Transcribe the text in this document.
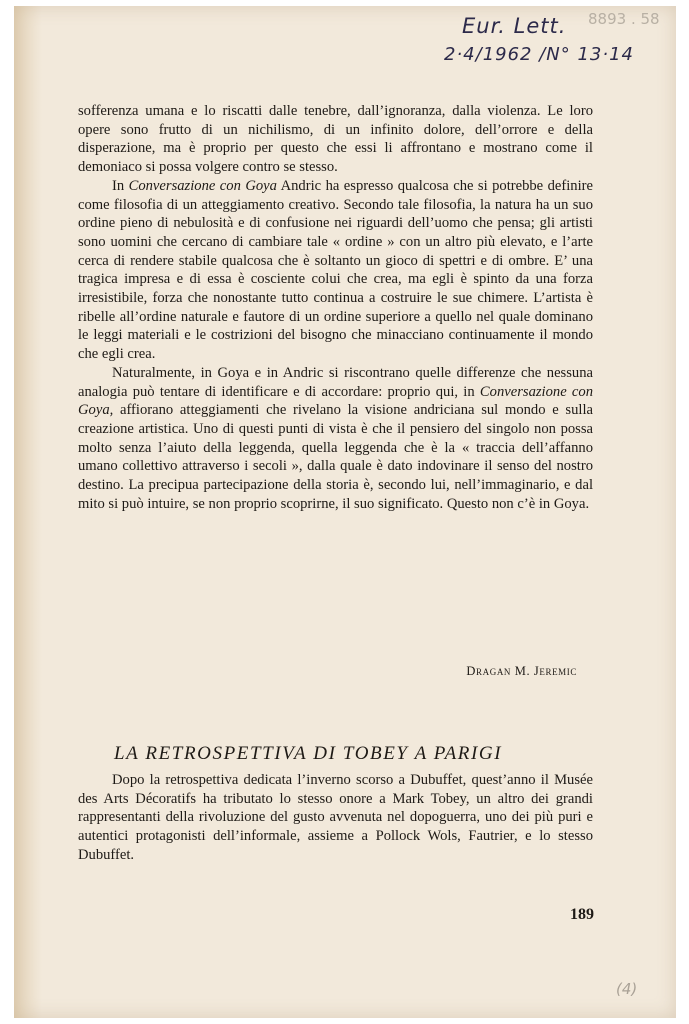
Eur. Lett.
2·4/1962 /N° 13·14
8893 . 58

sofferenza umana e lo riscatti dalle tenebre, dall’ignoranza, dalla violenza. Le loro opere sono frutto di un nichilismo, di un infinito dolore, dell’orrore e della disperazione, ma è proprio per questo che essi li affrontano e mostrano come il demoniaco si possa volgere contro se stesso.

In Conversazione con Goya Andric ha espresso qualcosa che si potrebbe definire come filosofia di un atteggiamento creativo. Secondo tale filosofia, la natura ha un suo ordine pieno di nebulosità e di confusione nei riguardi dell’uomo che pensa; gli artisti sono uomini che cercano di cambiare tale « ordine » con un altro più elevato, e l’arte cerca di rendere stabile qualcosa che è soltanto un gioco di spettri e di ombre. E’ una tragica impresa e di essa è cosciente colui che crea, ma egli è spinto da una forza irresistibile, forza che nonostante tutto continua a costruire le sue chimere. L’artista è ribelle all’ordine naturale e fautore di un ordine superiore a quello nel quale dominano le leggi materiali e le costrizioni del bisogno che minacciano continuamente il mondo che egli crea.

Naturalmente, in Goya e in Andric si riscontrano quelle differenze che nessuna analogia può tentare di identificare e di accordare: proprio qui, in Conversazione con Goya, affiorano atteggiamenti che rivelano la visione andriciana sul mondo e sulla creazione artistica. Uno di questi punti di vista è che il pensiero del singolo non possa molto senza l’aiuto della leggenda, quella leggenda che è la « traccia dell’affanno umano collettivo attraverso i secoli », dalla quale è dato indovinare il senso del nostro destino. La precipua partecipazione della storia è, secondo lui, nell’immaginario, e dal mito si può intuire, se non proprio scoprirne, il suo significato. Questo non c’è in Goya.

Dragan M. Jeremic
LA RETROSPETTIVA DI TOBEY A PARIGI

Dopo la retrospettiva dedicata l’inverno scorso a Dubuffet, quest’anno il Musée des Arts Décoratifs ha tributato lo stesso onore a Mark Tobey, un altro dei grandi rappresentanti della rivoluzione del gusto avvenuta nel dopoguerra, uno dei più puri e autentici protagonisti dell’informale, assieme a Pollock Wols, Fautrier, e lo stesso Dubuffet.

189
(4)
